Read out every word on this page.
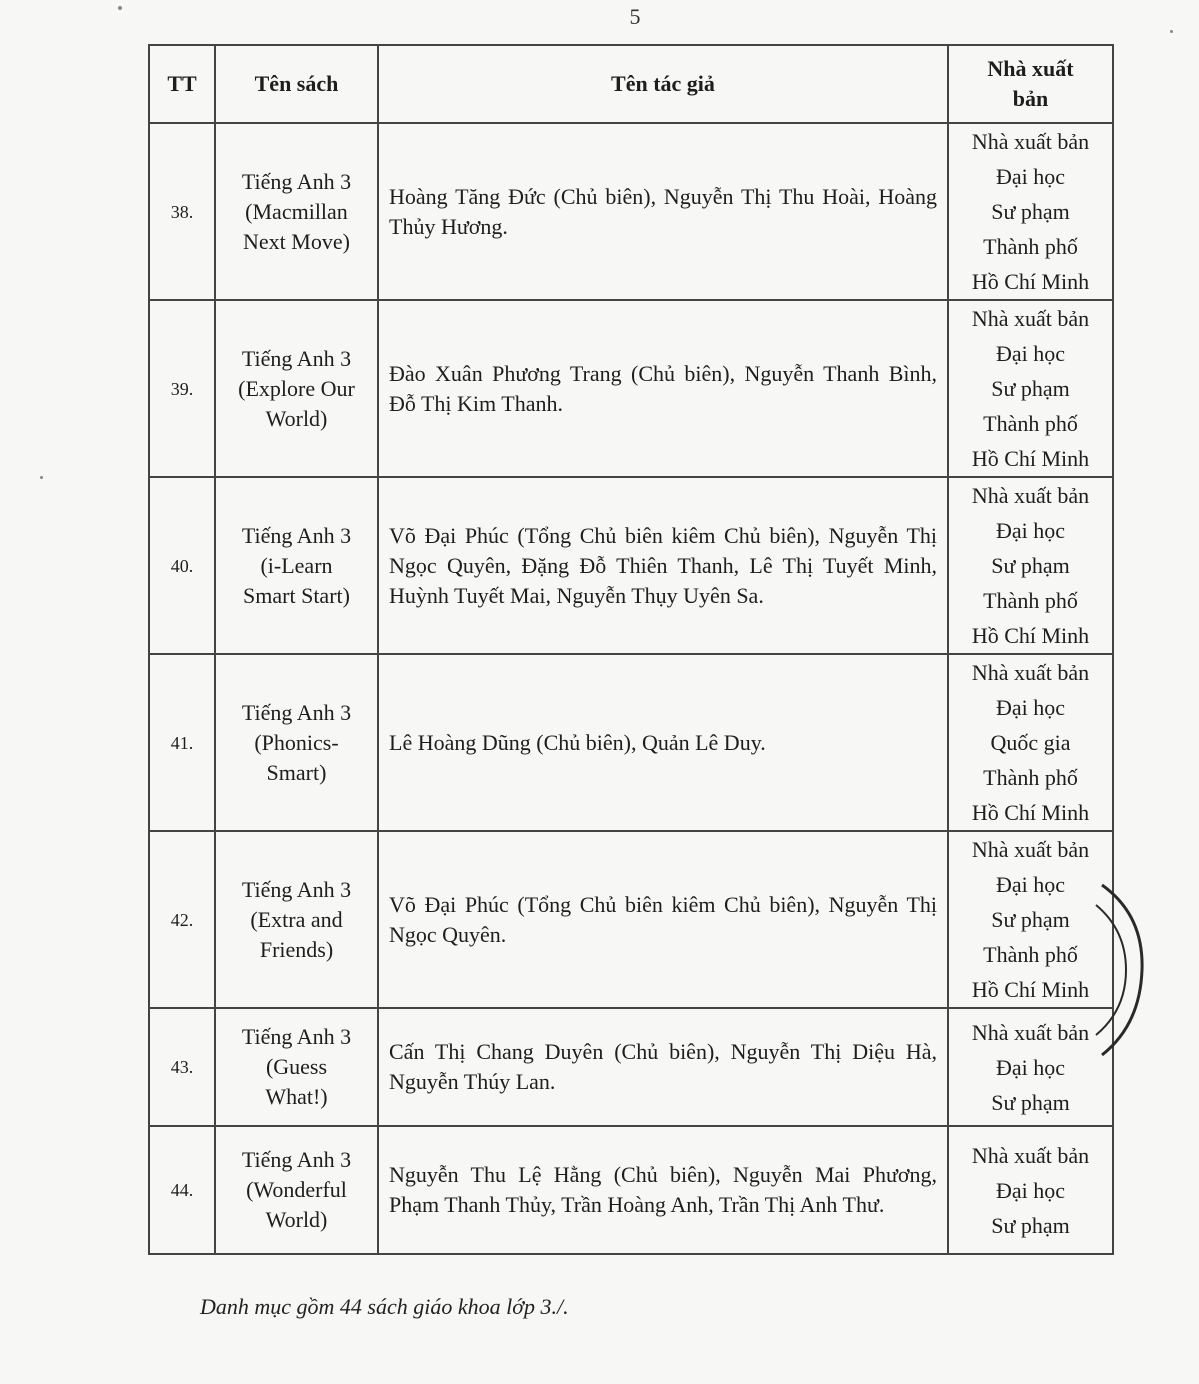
5
TT	Tên sách	Tên tác giả	Nhà xuất
bản

38.	Tiếng Anh 3
(Macmillan
Next Move)	Hoàng Tăng Đức (Chủ biên), Nguyễn Thị Thu Hoài, Hoàng Thủy Hương.	Nhà xuất bản
Đại học
Sư phạm
Thành phố
Hồ Chí Minh

39.	Tiếng Anh 3
(Explore Our
World)	Đào Xuân Phương Trang (Chủ biên), Nguyễn Thanh Bình, Đỗ Thị Kim Thanh.	Nhà xuất bản
Đại học
Sư phạm
Thành phố
Hồ Chí Minh

40.	Tiếng Anh 3
(i-Learn
Smart Start)	Võ Đại Phúc (Tổng Chủ biên kiêm Chủ biên), Nguyễn Thị Ngọc Quyên, Đặng Đỗ Thiên Thanh, Lê Thị Tuyết Minh, Huỳnh Tuyết Mai, Nguyễn Thụy Uyên Sa.	Nhà xuất bản
Đại học
Sư phạm
Thành phố
Hồ Chí Minh

41.	Tiếng Anh 3
(Phonics-
Smart)	Lê Hoàng Dũng (Chủ biên), Quản Lê Duy.	Nhà xuất bản
Đại học
Quốc gia
Thành phố
Hồ Chí Minh

42.	Tiếng Anh 3
(Extra and
Friends)	Võ Đại Phúc (Tổng Chủ biên kiêm Chủ biên), Nguyễn Thị Ngọc Quyên.	Nhà xuất bản
Đại học
Sư phạm
Thành phố
Hồ Chí Minh

43.	Tiếng Anh 3
(Guess
What!)	Cấn Thị Chang Duyên (Chủ biên), Nguyễn Thị Diệu Hà, Nguyễn Thúy Lan.	Nhà xuất bản
Đại học
Sư phạm

44.	Tiếng Anh 3
(Wonderful
World)	Nguyễn Thu Lệ Hằng (Chủ biên), Nguyễn Mai Phương, Phạm Thanh Thủy, Trần Hoàng Anh, Trần Thị Anh Thư.	Nhà xuất bản
Đại học
Sư phạm
Danh mục gồm 44 sách giáo khoa lớp 3./.
